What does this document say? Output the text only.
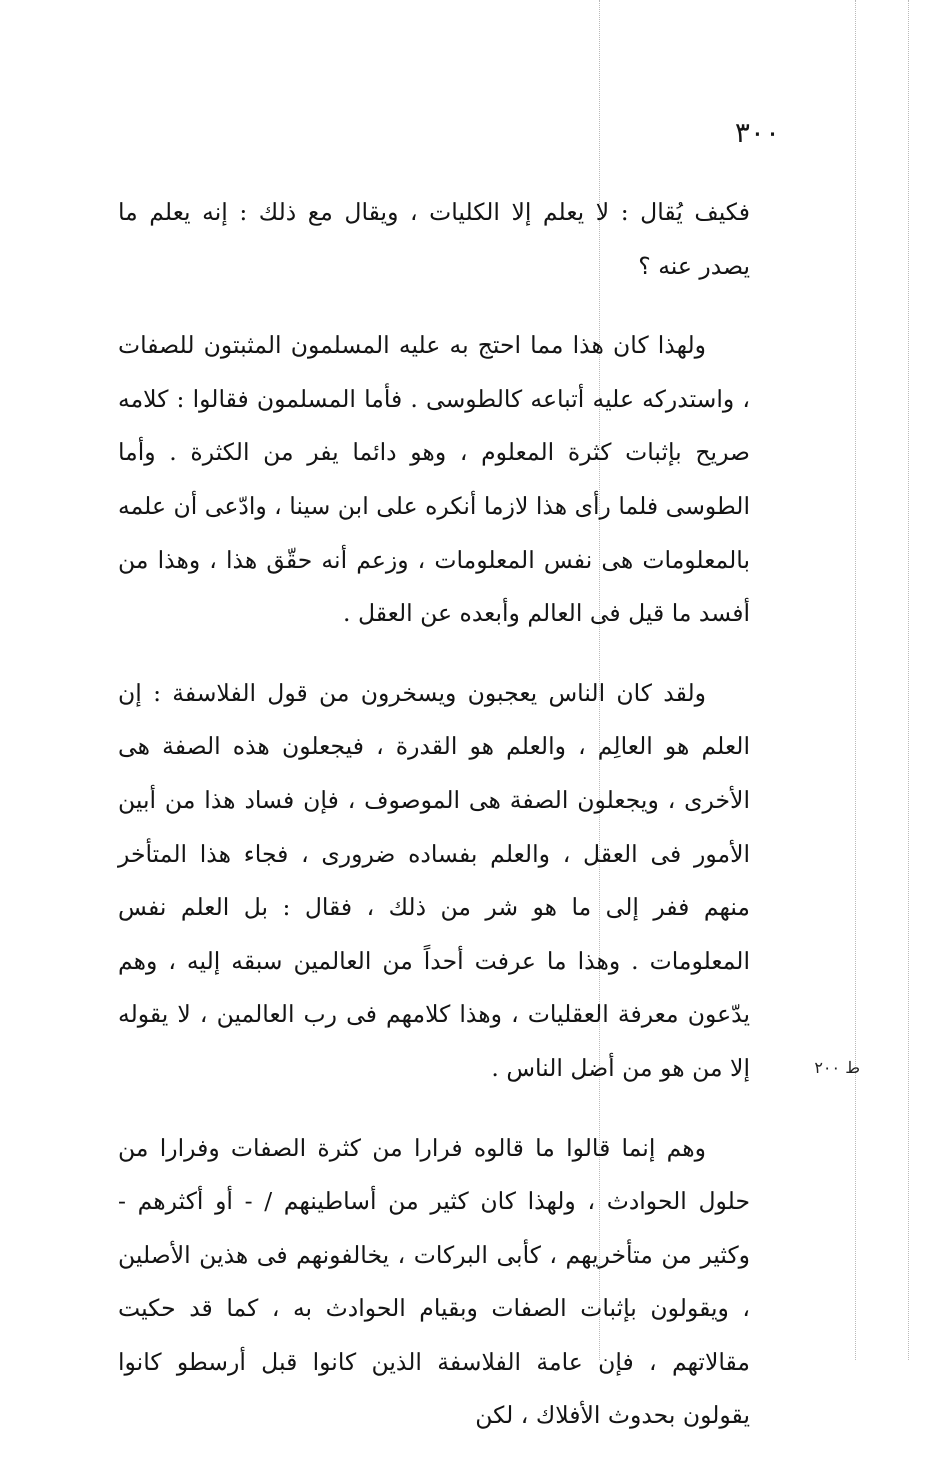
٣٠٠
ط ٢٠٠

فكيف يُقال : لا يعلم إلا الكليات ، ويقال مع ذلك : إنه يعلم ما يصدر عنه ؟

ولهذا كان هذا مما احتج به عليه المسلمون المثبتون للصفات ، واستدركه عليه أتباعه كالطوسى . فأما المسلمون فقالوا : كلامه صريح بإثبات كثرة المعلوم ، وهو دائما يفر من الكثرة . وأما الطوسى فلما رأى هذا لازما أنكره على ابن سينا ، وادّعى أن علمه بالمعلومات هى نفس المعلومات ، وزعم أنه حقّق هذا ، وهذا من أفسد ما قيل فى العالم وأبعده عن العقل .

ولقد كان الناس يعجبون ويسخرون من قول الفلاسفة : إن العلم هو العالِم ، والعلم هو القدرة ، فيجعلون هذه الصفة هى الأخرى ، ويجعلون الصفة هى الموصوف ، فإن فساد هذا من أبين الأمور فى العقل ، والعلم بفساده ضرورى ، فجاء هذا المتأخر منهم ففر إلى ما هو شر من ذلك ، فقال : بل العلم نفس المعلومات . وهذا ما عرفت أحداً من العالمين سبقه إليه ، وهم يدّعون معرفة العقليات ، وهذا كلامهم فى رب العالمين ، لا يقوله إلا من هو من أضل الناس .

وهم إنما قالوا ما قالوه فرارا من كثرة الصفات وفرارا من حلول الحوادث ، ولهذا كان كثير من أساطينهم / - أو أكثرهم - وكثير من متأخريهم ، كأبى البركات ، يخالفونهم فى هذين الأصلين ، ويقولون بإثبات الصفات وبقيام الحوادث به ، كما قد حكيت مقالاتهم ، فإن عامة الفلاسفة الذين كانوا قبل أرسطو كانوا يقولون بحدوث الأفلاك ، لكن
